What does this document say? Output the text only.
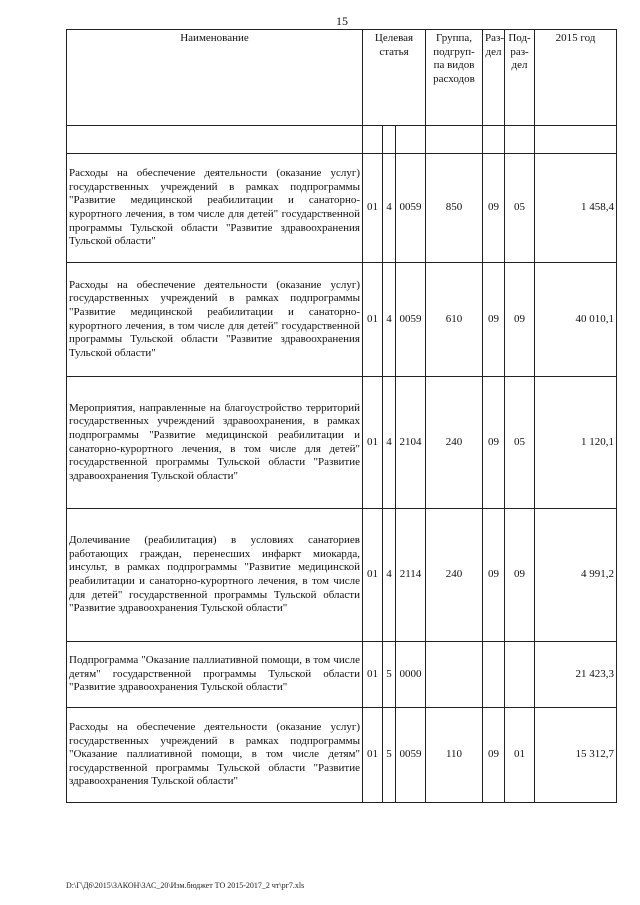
15
Наименование	Целевая статья			Группа, подгруп-па видов расходов	Раз-дел	Под-раз-дел	2015 год

Расходы на обеспечение деятельности (оказание услуг) государственных учреждений в рамках подпрограммы "Развитие медицинской реабилитации и санаторно-курортного лечения, в том числе для детей" государственной программы Тульской области "Развитие здравоохранения Тульской области"	01	4	0059	850	09	05	1 458,4
Расходы на обеспечение деятельности (оказание услуг) государственных учреждений в рамках подпрограммы "Развитие медицинской реабилитации и санаторно-курортного лечения, в том числе для детей" государственной программы Тульской области "Развитие здравоохранения Тульской области"	01	4	0059	610	09	09	40 010,1
Мероприятия, направленные на благоустройство территорий государственных учреждений здравоохранения, в рамках подпрограммы "Развитие медицинской реабилитации и санаторно-курортного лечения, в том числе для детей" государственной программы Тульской области "Развитие здравоохранения Тульской области"	01	4	2104	240	09	05	1 120,1
Долечивание (реабилитация) в условиях санаториев работающих граждан, перенесших инфаркт миокарда, инсульт, в рамках подпрограммы "Развитие медицинской реабилитации и санаторно-курортного лечения, в том числе для детей" государственной программы Тульской области "Развитие здравоохранения Тульской области"	01	4	2114	240	09	09	4 991,2
Подпрограмма "Оказание паллиативной помощи, в том числе детям" государственной программы Тульской области "Развитие здравоохранения Тульской области"	01	5	0000				21 423,3
Расходы на обеспечение деятельности (оказание услуг) государственных учреждений в рамках подпрограммы "Оказание паллиативной помощи, в том числе детям" государственной программы Тульской области "Развитие здравоохранения Тульской области"	01	5	0059	110	09	01	15 312,7
D:\Г\Д6\2015\ЗАКОН\ЗАС_20\Изм.бюджет ТО 2015-2017_2 чт\рг7.xls
